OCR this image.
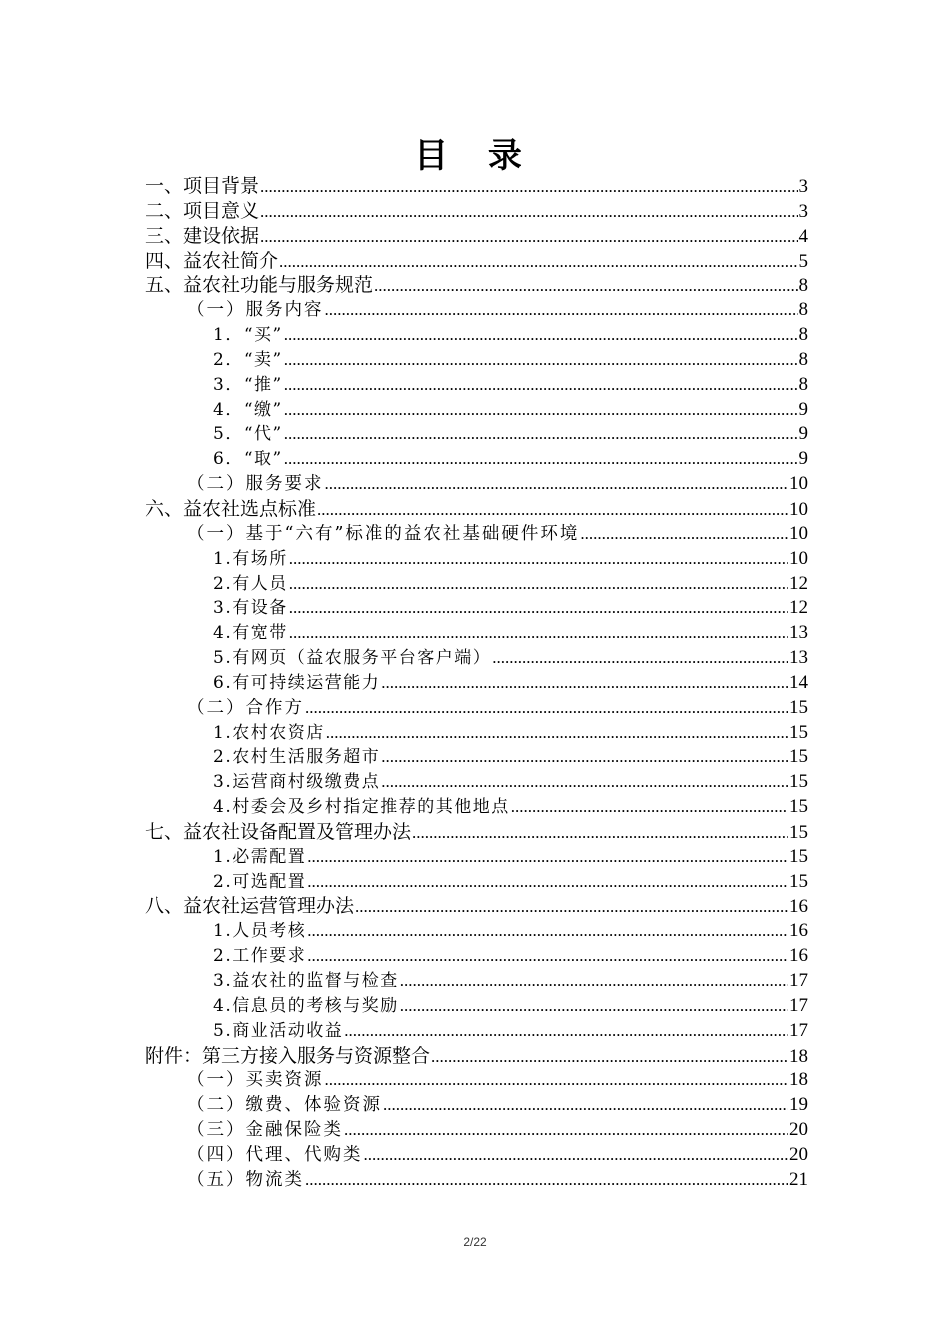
目 录
一、项目背景 .....	3
二、项目意义 .....	3
三、建设依据 .....	4
四、益农社简介 .....	5
五、益农社功能与服务规范 .....	8
（一）服务内容 .....	8
1．“买” .....	8
2．“卖” .....	8
3．“推” .....	8
4．“缴” .....	9
5．“代” .....	9
6．“取” .....	9
（二）服务要求 .....	10
六、益农社选点标准 .....	10
（一）基于“六有”标准的益农社基础硬件环境 .....	10
1.有场所 .....	10
2.有人员 .....	12
3.有设备 .....	12
4.有宽带 .....	13
5.有网页（益农服务平台客户端） .....	13
6.有可持续运营能力 .....	14
（二）合作方 .....	15
1.农村农资店 .....	15
2.农村生活服务超市 .....	15
3.运营商村级缴费点 .....	15
4.村委会及乡村指定推荐的其他地点 .....	15
七、益农社设备配置及管理办法 .....	15
1.必需配置 .....	15
2.可选配置 .....	15
八、益农社运营管理办法 .....	16
1.人员考核 .....	16
2.工作要求 .....	16
3.益农社的监督与检查 .....	17
4.信息员的考核与奖励 .....	17
5.商业活动收益 .....	17
附件：第三方接入服务与资源整合 .....	18
（一）买卖资源 .....	18
（二）缴费、体验资源 .....	19
（三）金融保险类 .....	20
（四）代理、代购类 .....	20
（五）物流类 .....	21
2/22
